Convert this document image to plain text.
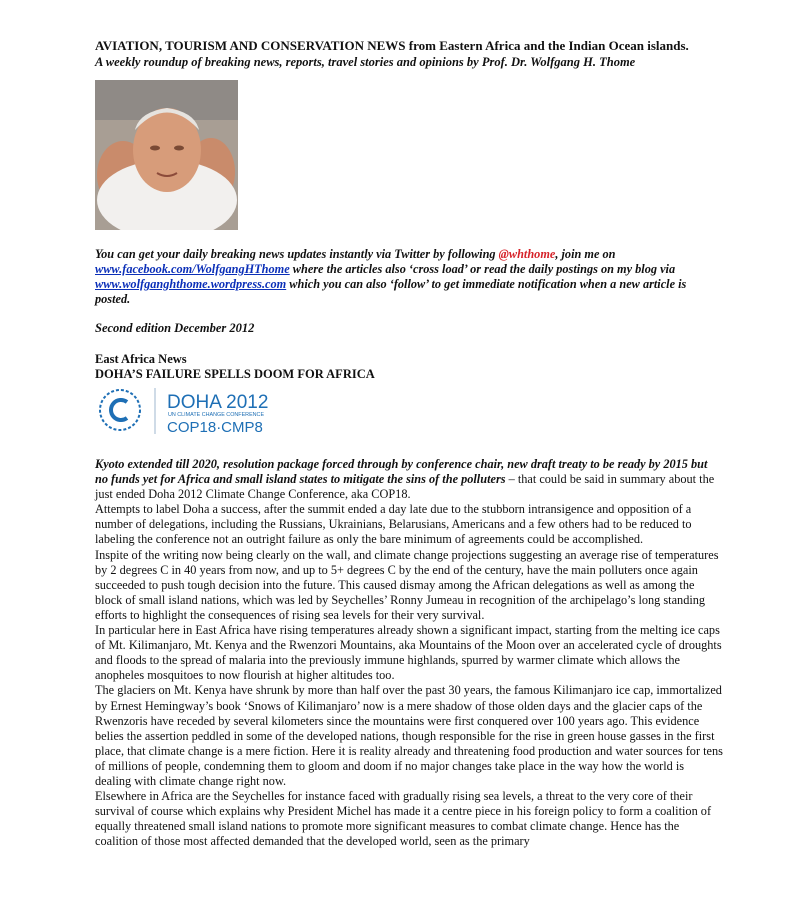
AVIATION, TOURISM AND CONSERVATION NEWS from Eastern Africa and the Indian Ocean islands.
A weekly roundup of breaking news, reports, travel stories and opinions by Prof. Dr. Wolfgang H. Thome
You can get your daily breaking news updates instantly via Twitter by following @whthome, join me on www.facebook.com/WolfgangHThome where the articles also ‘cross load’ or read the daily postings on my blog via www.wolfganghthome.wordpress.com which you can also ‘follow’ to get immediate notification when a new article is posted.
Second edition December 2012
East Africa News
DOHA’S FAILURE SPELLS DOOM FOR AFRICA
DOHA 2012
UN CLIMATE CHANGE CONFERENCE
COP18·CMP8

Kyoto extended till 2020, resolution package forced through by conference chair, new draft treaty to be ready by 2015 but no funds yet for Africa and small island states to mitigate the sins of the polluters – that could be said in summary about the just ended Doha 2012 Climate Change Conference, aka COP18.

Attempts to label Doha a success, after the summit ended a day late due to the stubborn intransigence and opposition of a number of delegations, including the Russians, Ukrainians, Belarusians, Americans and a few others had to be reduced to labeling the conference not an outright failure as only the bare minimum of agreements could be accomplished.

Inspite of the writing now being clearly on the wall, and climate change projections suggesting an average rise of temperatures by 2 degrees C in 40 years from now, and up to 5+ degrees C by the end of the century, have the main polluters once again succeeded to push tough decision into the future. This caused dismay among the African delegations as well as among the block of small island nations, which was led by Seychelles’ Ronny Jumeau in recognition of the archipelago’s long standing efforts to highlight the consequences of rising sea levels for their very survival.

In particular here in East Africa have rising temperatures already shown a significant impact, starting from the melting ice caps of Mt. Kilimanjaro, Mt. Kenya and the Rwenzori Mountains, aka Mountains of the Moon over an accelerated cycle of droughts and floods to the spread of malaria into the previously immune highlands, spurred by warmer climate which allows the anopheles mosquitoes to now flourish at higher altitudes too.

The glaciers on Mt. Kenya have shrunk by more than half over the past 30 years, the famous Kilimanjaro ice cap, immortalized by Ernest Hemingway’s book ‘Snows of Kilimanjaro’ now is a mere shadow of those olden days and the glacier caps of the Rwenzoris have receded by several kilometers since the mountains were first conquered over 100 years ago. This evidence belies the assertion peddled in some of the developed nations, though responsible for the rise in green house gasses in the first place, that climate change is a mere fiction. Here it is reality already and threatening food production and water sources for tens of millions of people, condemning them to gloom and doom if no major changes take place in the way how the world is dealing with climate change right now.

Elsewhere in Africa are the Seychelles for instance faced with gradually rising sea levels, a threat to the very core of their survival of course which explains why President Michel has made it a centre piece in his foreign policy to form a coalition of equally threatened small island nations to promote more significant measures to combat climate change. Hence has the coalition of those most affected demanded that the developed world, seen as the primary
